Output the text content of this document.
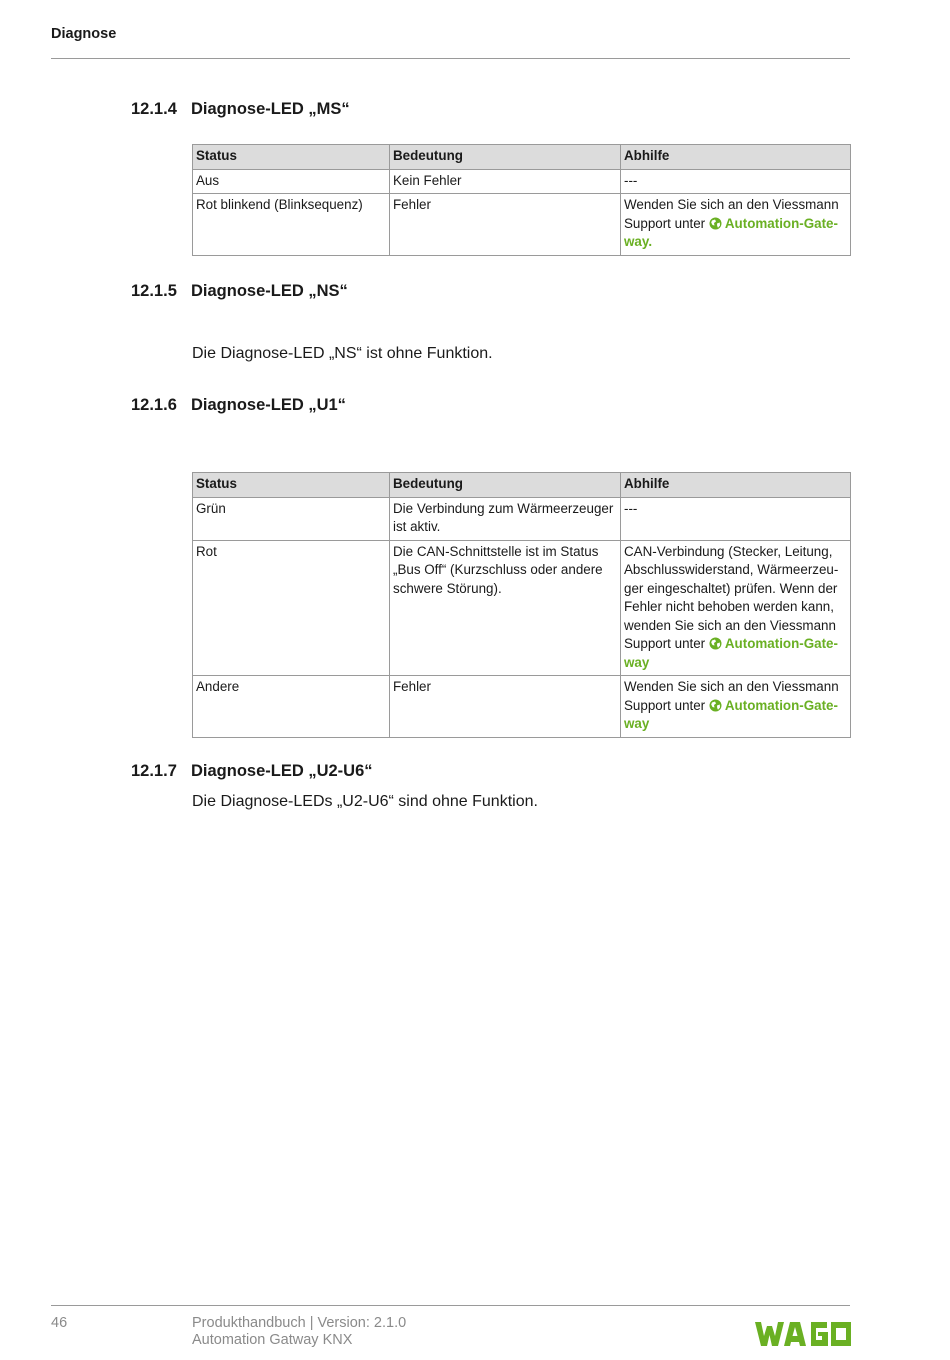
Diagnose
12.1.4 Diagnose-LED „MS“
Status	Bedeutung	Abhilfe
Aus	Kein Fehler	---
Rot blinkend (Blinksequenz)	Fehler	Wenden Sie sich an den Viessmann Support unter Automation-Gate-way.
12.1.5 Diagnose-LED „NS“
Die Diagnose-LED „NS“ ist ohne Funktion.
12.1.6 Diagnose-LED „U1“
Status	Bedeutung	Abhilfe
Grün	Die Verbindung zum Wärmeerzeuger ist aktiv.	---
Rot	Die CAN-Schnittstelle ist im Status „Bus Off“ (Kurzschluss oder andere schwere Störung).	CAN-Verbindung (Stecker, Leitung, Abschlusswiderstand, Wärmeerzeu-ger eingeschaltet) prüfen. Wenn der Fehler nicht behoben werden kann, wenden Sie sich an den Viessmann Support unter Automation-Gate-way
Andere	Fehler	Wenden Sie sich an den Viessmann Support unter Automation-Gate-way
12.1.7 Diagnose-LED „U2-U6“
Die Diagnose-LEDs „U2-U6“ sind ohne Funktion.
46	Produkthandbuch | Version: 2.1.0
Automation Gatway KNX
WAGO
